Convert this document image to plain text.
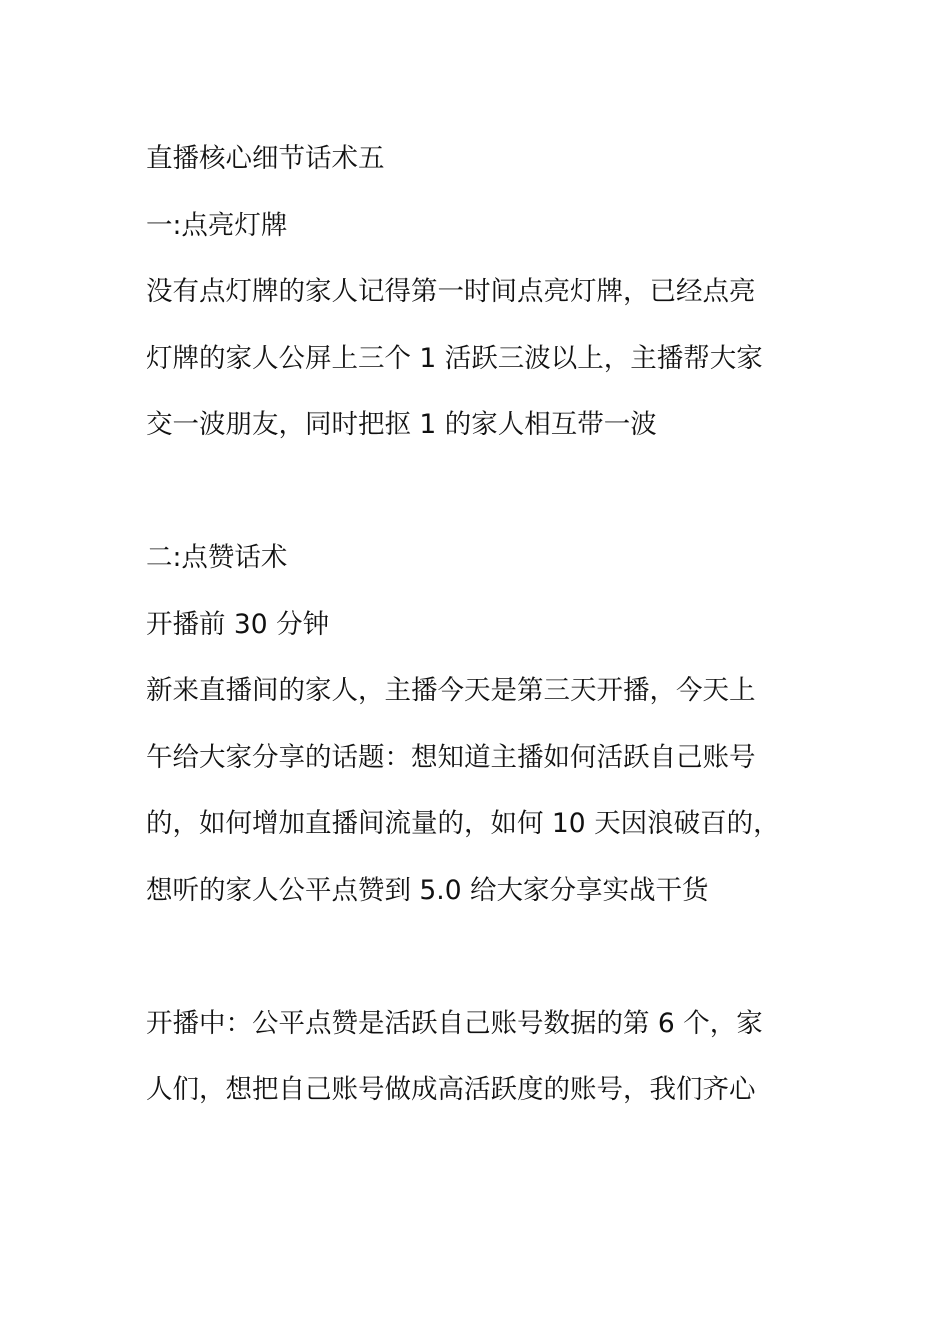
直播核心细节话术五
一:点亮灯牌
没有点灯牌的家人记得第一时间点亮灯牌，已经点亮
灯牌的家人公屏上三个 1 活跃三波以上，主播帮大家
交一波朋友，同时把抠 1 的家人相互带一波
二:点赞话术
开播前 30 分钟
新来直播间的家人，主播今天是第三天开播，今天上
午给大家分享的话题：想知道主播如何活跃自己账号
的，如何增加直播间流量的，如何 10 天因浪破百的，
想听的家人公平点赞到 5.0 给大家分享实战干货
开播中：公平点赞是活跃自己账号数据的第 6 个，家
人们，想把自己账号做成高活跃度的账号，我们齐心
